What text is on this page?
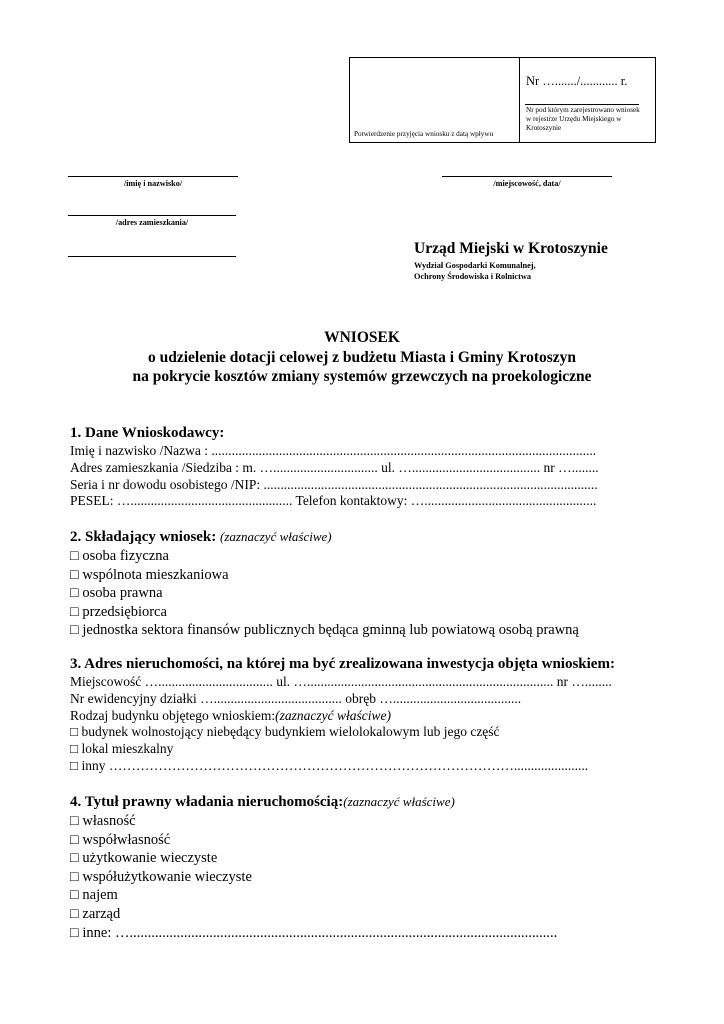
Potwierdzenie przyjęcia wniosku z datą wpływu
Nr …......./............ r.
Nr pod którym zarejestrowano wniosek w rejestrze Urzędu Miejskiego w Krotoszynie
/imię i nazwisko/	/miejscowość, data/
/adres zamieszkania/
Urząd Miejski w Krotoszynie
Wydział Gospodarki Komunalnej,
Ochrony Środowiska i Rolnictwa
WNIOSEK
o udzielenie dotacji celowej z budżetu Miasta i Gminy Krotoszyn
na pokrycie kosztów zmiany systemów grzewczych na proekologiczne
1. Dane Wnioskodawcy:
Imię i nazwisko /Nazwa : ..................................................................................................................
Adres zamieszkania /Siedziba : m. …............................... ul. …...................................... nr …........
Seria i nr dowodu osobistego /NIP: ...................................................................................................
PESEL: …................................................ Telefon kontaktowy: …...................................................
2. Składający wniosek: (zaznaczyć właściwe)
□ osoba fizyczna
□ wspólnota mieszkaniowa
□ osoba prawna
□ przedsiębiorca
□ jednostka sektora finansów publicznych będąca gminną lub powiatową osobą prawną
3. Adres nieruchomości, na której ma być zrealizowana inwestycja objęta wnioskiem:
Miejscowość ….................................. ul. …......................................................................... nr …........
Nr ewidencyjny działki …...................................... obręb …......................................
Rodzaj budynku objętego wnioskiem:(zaznaczyć właściwe)
□ budynek wolnostojący niebędący budynkiem wielolokalowym lub jego część
□ lokal mieszkalny
□ inny ………………………………………………………………………………......................
4. Tytuł prawny władania nieruchomością:(zaznaczyć właściwe)
□ własność
□ współwłasność
□ użytkowanie wieczyste
□ współużytkowanie wieczyste
□ najem
□ zarząd
□ inne: …......................................................................................................................
